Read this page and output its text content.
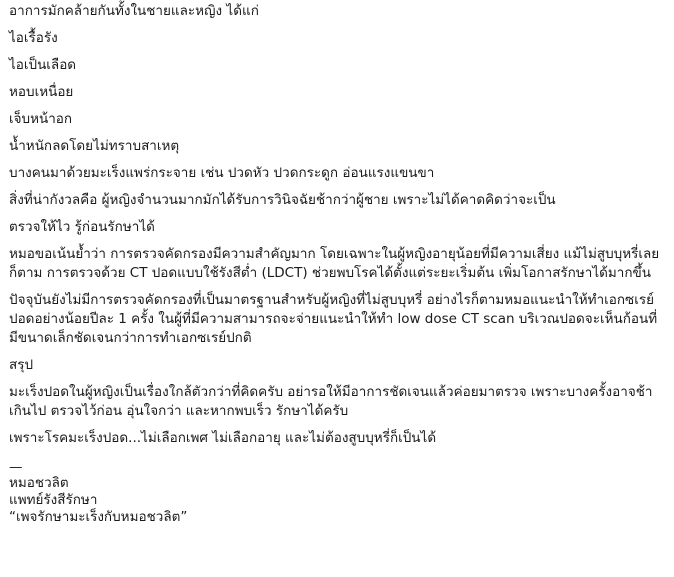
อาการมักคล้ายกันทั้งในชายและหญิง ได้แก่

ไอเรื้อรัง

ไอเป็นเลือด

หอบเหนื่อย

เจ็บหน้าอก

น้ำหนักลดโดยไม่ทราบสาเหตุ

บางคนมาด้วยมะเร็งแพร่กระจาย เช่น ปวดหัว ปวดกระดูก อ่อนแรงแขนขา

สิ่งที่น่ากังวลคือ ผู้หญิงจำนวนมากมักได้รับการวินิจฉัยช้ากว่าผู้ชาย เพราะไม่ได้คาดคิดว่าจะเป็น

ตรวจให้ไว รู้ก่อนรักษาได้

หมอขอเน้นย้ำว่า การตรวจคัดกรองมีความสำคัญมาก โดยเฉพาะในผู้หญิงอายุน้อยที่มีความเสี่ยง แม้ไม่สูบบุหรี่เลยก็ตาม การตรวจด้วย CT ปอดแบบใช้รังสีต่ำ (LDCT) ช่วยพบโรคได้ตั้งแต่ระยะเริ่มต้น เพิ่มโอกาสรักษาได้มากขึ้น

ปัจจุบันยังไม่มีการตรวจคัดกรองที่เป็นมาตรฐานสำหรับผู้หญิงที่ไม่สูบบุหรี่ อย่างไรก็ตามหมอแนะนำให้ทำเอกซเรย์ปอดอย่างน้อยปีละ 1 ครั้ง ในผู้ที่มีความสามารถจะจ่ายแนะนำให้ทำ low dose CT scan บริเวณปอดจะเห็นก้อนที่มีขนาดเล็กชัดเจนกว่าการทำเอกซเรย์ปกติ

สรุป

มะเร็งปอดในผู้หญิงเป็นเรื่องใกล้ตัวกว่าที่คิดครับ อย่ารอให้มีอาการชัดเจนแล้วค่อยมาตรวจ เพราะบางครั้งอาจช้าเกินไป ตรวจไว้ก่อน อุ่นใจกว่า และหากพบเร็ว รักษาได้ครับ

เพราะโรคมะเร็งปอด...ไม่เลือกเพศ ไม่เลือกอายุ และไม่ต้องสูบบุหรี่ก็เป็นได้

—

หมอชวลิต

แพทย์รังสีรักษา

“เพจรักษามะเร็งกับหมอชวลิต”
